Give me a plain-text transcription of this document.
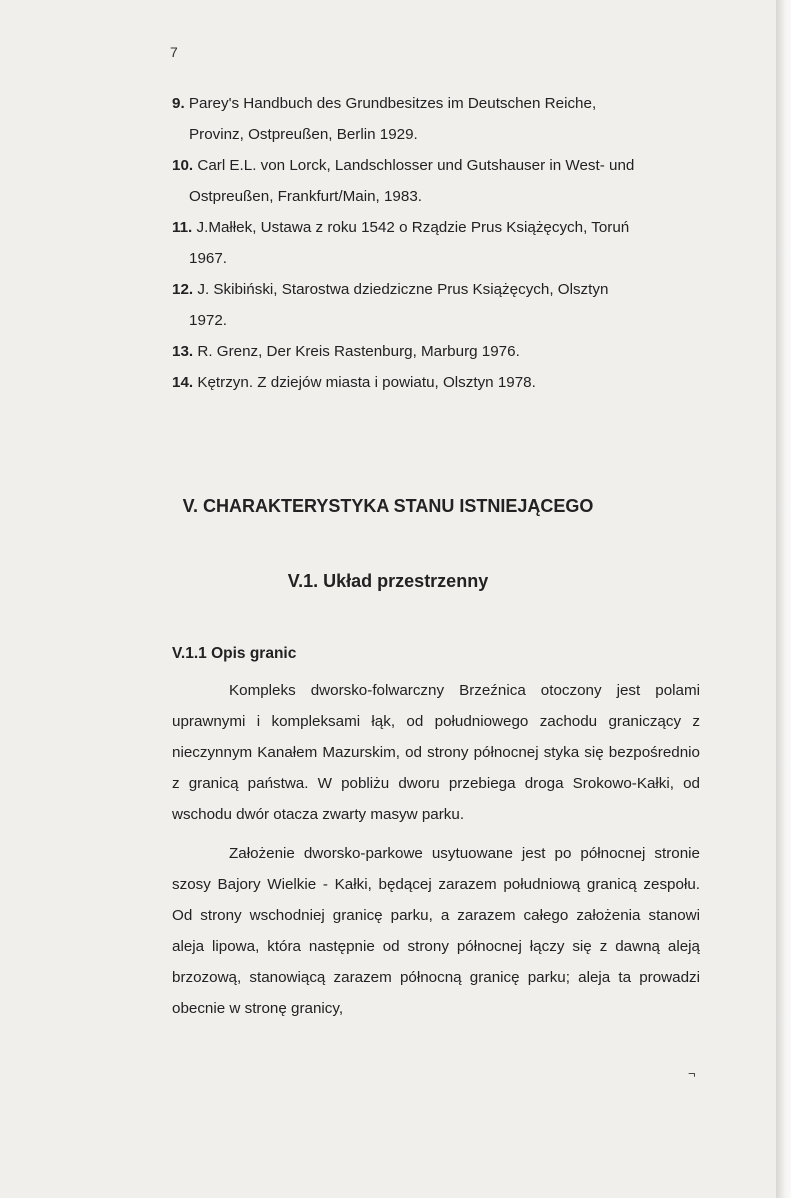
7
9. Parey's Handbuch des Grundbesitzes im Deutschen Reiche,
Provinz, Ostpreußen, Berlin 1929.
10. Carl E.L. von Lorck, Landschlosser und Gutshauser in West- und
Ostpreußen, Frankfurt/Main, 1983.
11. J.Małłek, Ustawa z roku 1542 o Rządzie Prus Książęcych, Toruń
1967.
12. J. Skibiński, Starostwa dziedziczne Prus Książęcych, Olsztyn
1972.
13. R. Grenz, Der Kreis Rastenburg, Marburg 1976.
14. Kętrzyn. Z dziejów miasta i powiatu, Olsztyn 1978.
V. CHARAKTERYSTYKA STANU ISTNIEJĄCEGO
V.1. Układ przestrzenny
V.1.1 Opis granic

Kompleks dworsko-folwarczny Brzeźnica otoczony jest polami uprawnymi i kompleksami łąk, od południowego zachodu graniczący z nieczynnym Kanałem Mazurskim, od strony północnej styka się bezpośrednio z granicą państwa. W pobliżu dworu przebiega droga Srokowo-Kałki, od wschodu dwór otacza zwarty masyw parku.

Założenie dworsko-parkowe usytuowane jest po północnej stronie szosy Bajory Wielkie - Kałki, będącej zarazem południową granicą zespołu. Od strony wschodniej granicę parku, a zarazem całego założenia stanowi aleja lipowa, która następnie od strony północnej łączy się z dawną aleją brzozową, stanowiącą zarazem północną granicę parku; aleja ta prowadzi obecnie w stronę granicy,

¬
